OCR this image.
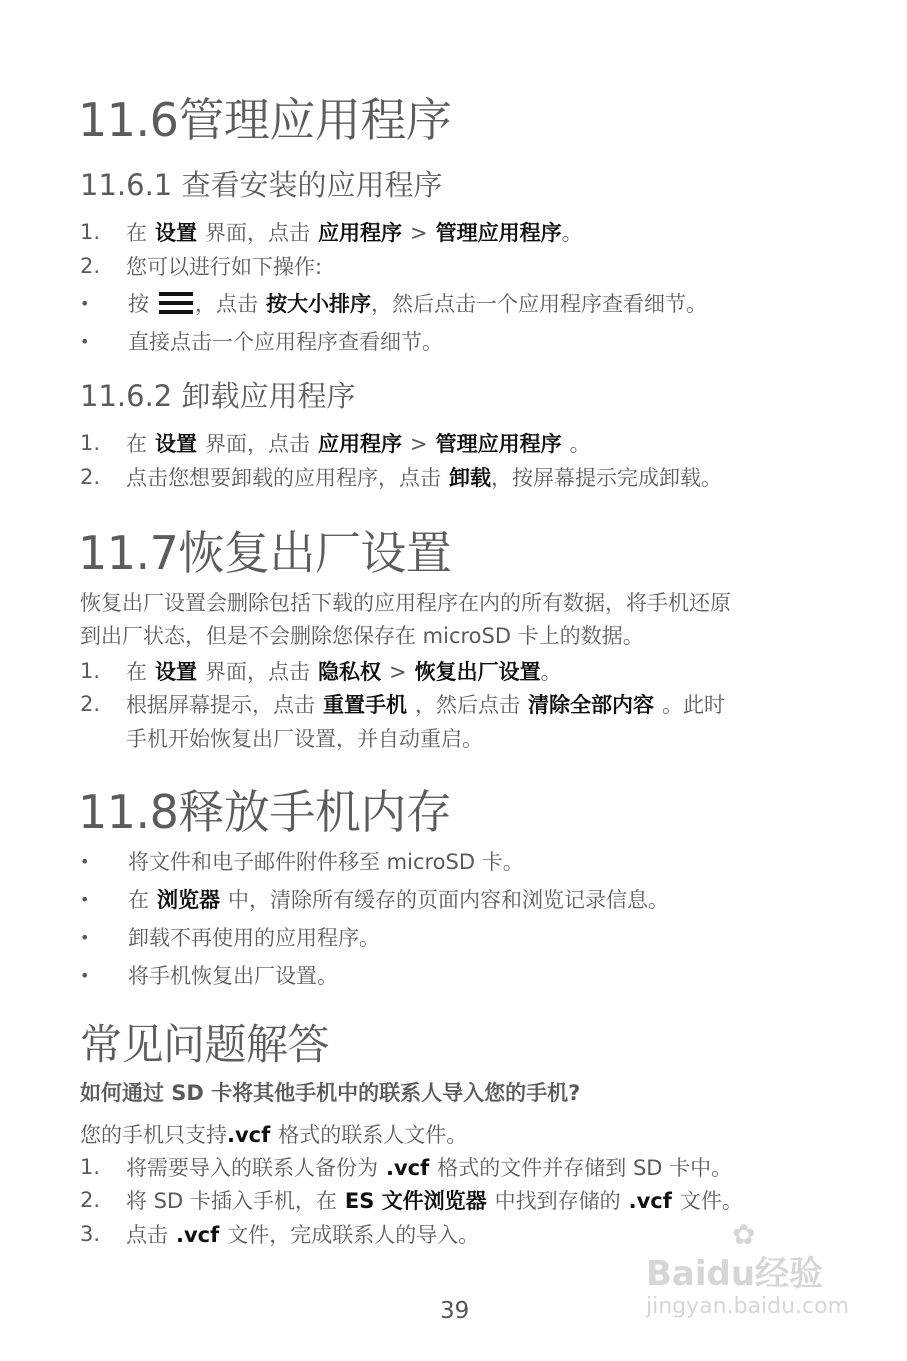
11.6管理应用程序
11.6.1 查看安装的应用程序
1. 在 设置 界面，点击 应用程序 > 管理应用程序。
2. 您可以进行如下操作:
• 按 ，点击 按大小排序，然后点击一个应用程序查看细节。
• 直接点击一个应用程序查看细节。
11.6.2 卸载应用程序
1. 在 设置 界面，点击 应用程序 > 管理应用程序 。
2. 点击您想要卸载的应用程序，点击 卸载，按屏幕提示完成卸载。
11.7恢复出厂设置
恢复出厂设置会删除包括下载的应用程序在内的所有数据，将手机还原
到出厂状态，但是不会删除您保存在 microSD 卡上的数据。
1. 在 设置 界面，点击 隐私权 > 恢复出厂设置。
2. 根据屏幕提示，点击 重置手机 ，然后点击 清除全部内容 。此时
手机开始恢复出厂设置，并自动重启。
11.8释放手机内存
• 将文件和电子邮件附件移至 microSD 卡。
• 在 浏览器 中，清除所有缓存的页面内容和浏览记录信息。
• 卸载不再使用的应用程序。
• 将手机恢复出厂设置。
常见问题解答
如何通过 SD 卡将其他手机中的联系人导入您的手机?
您的手机只支持.vcf 格式的联系人文件。
1. 将需要导入的联系人备份为 .vcf 格式的文件并存储到 SD 卡中。
2. 将 SD 卡插入手机，在 ES 文件浏览器 中找到存储的 .vcf 文件。
3. 点击 .vcf 文件，完成联系人的导入。
39
✿
Baidu经验
jingyan.baidu.com
